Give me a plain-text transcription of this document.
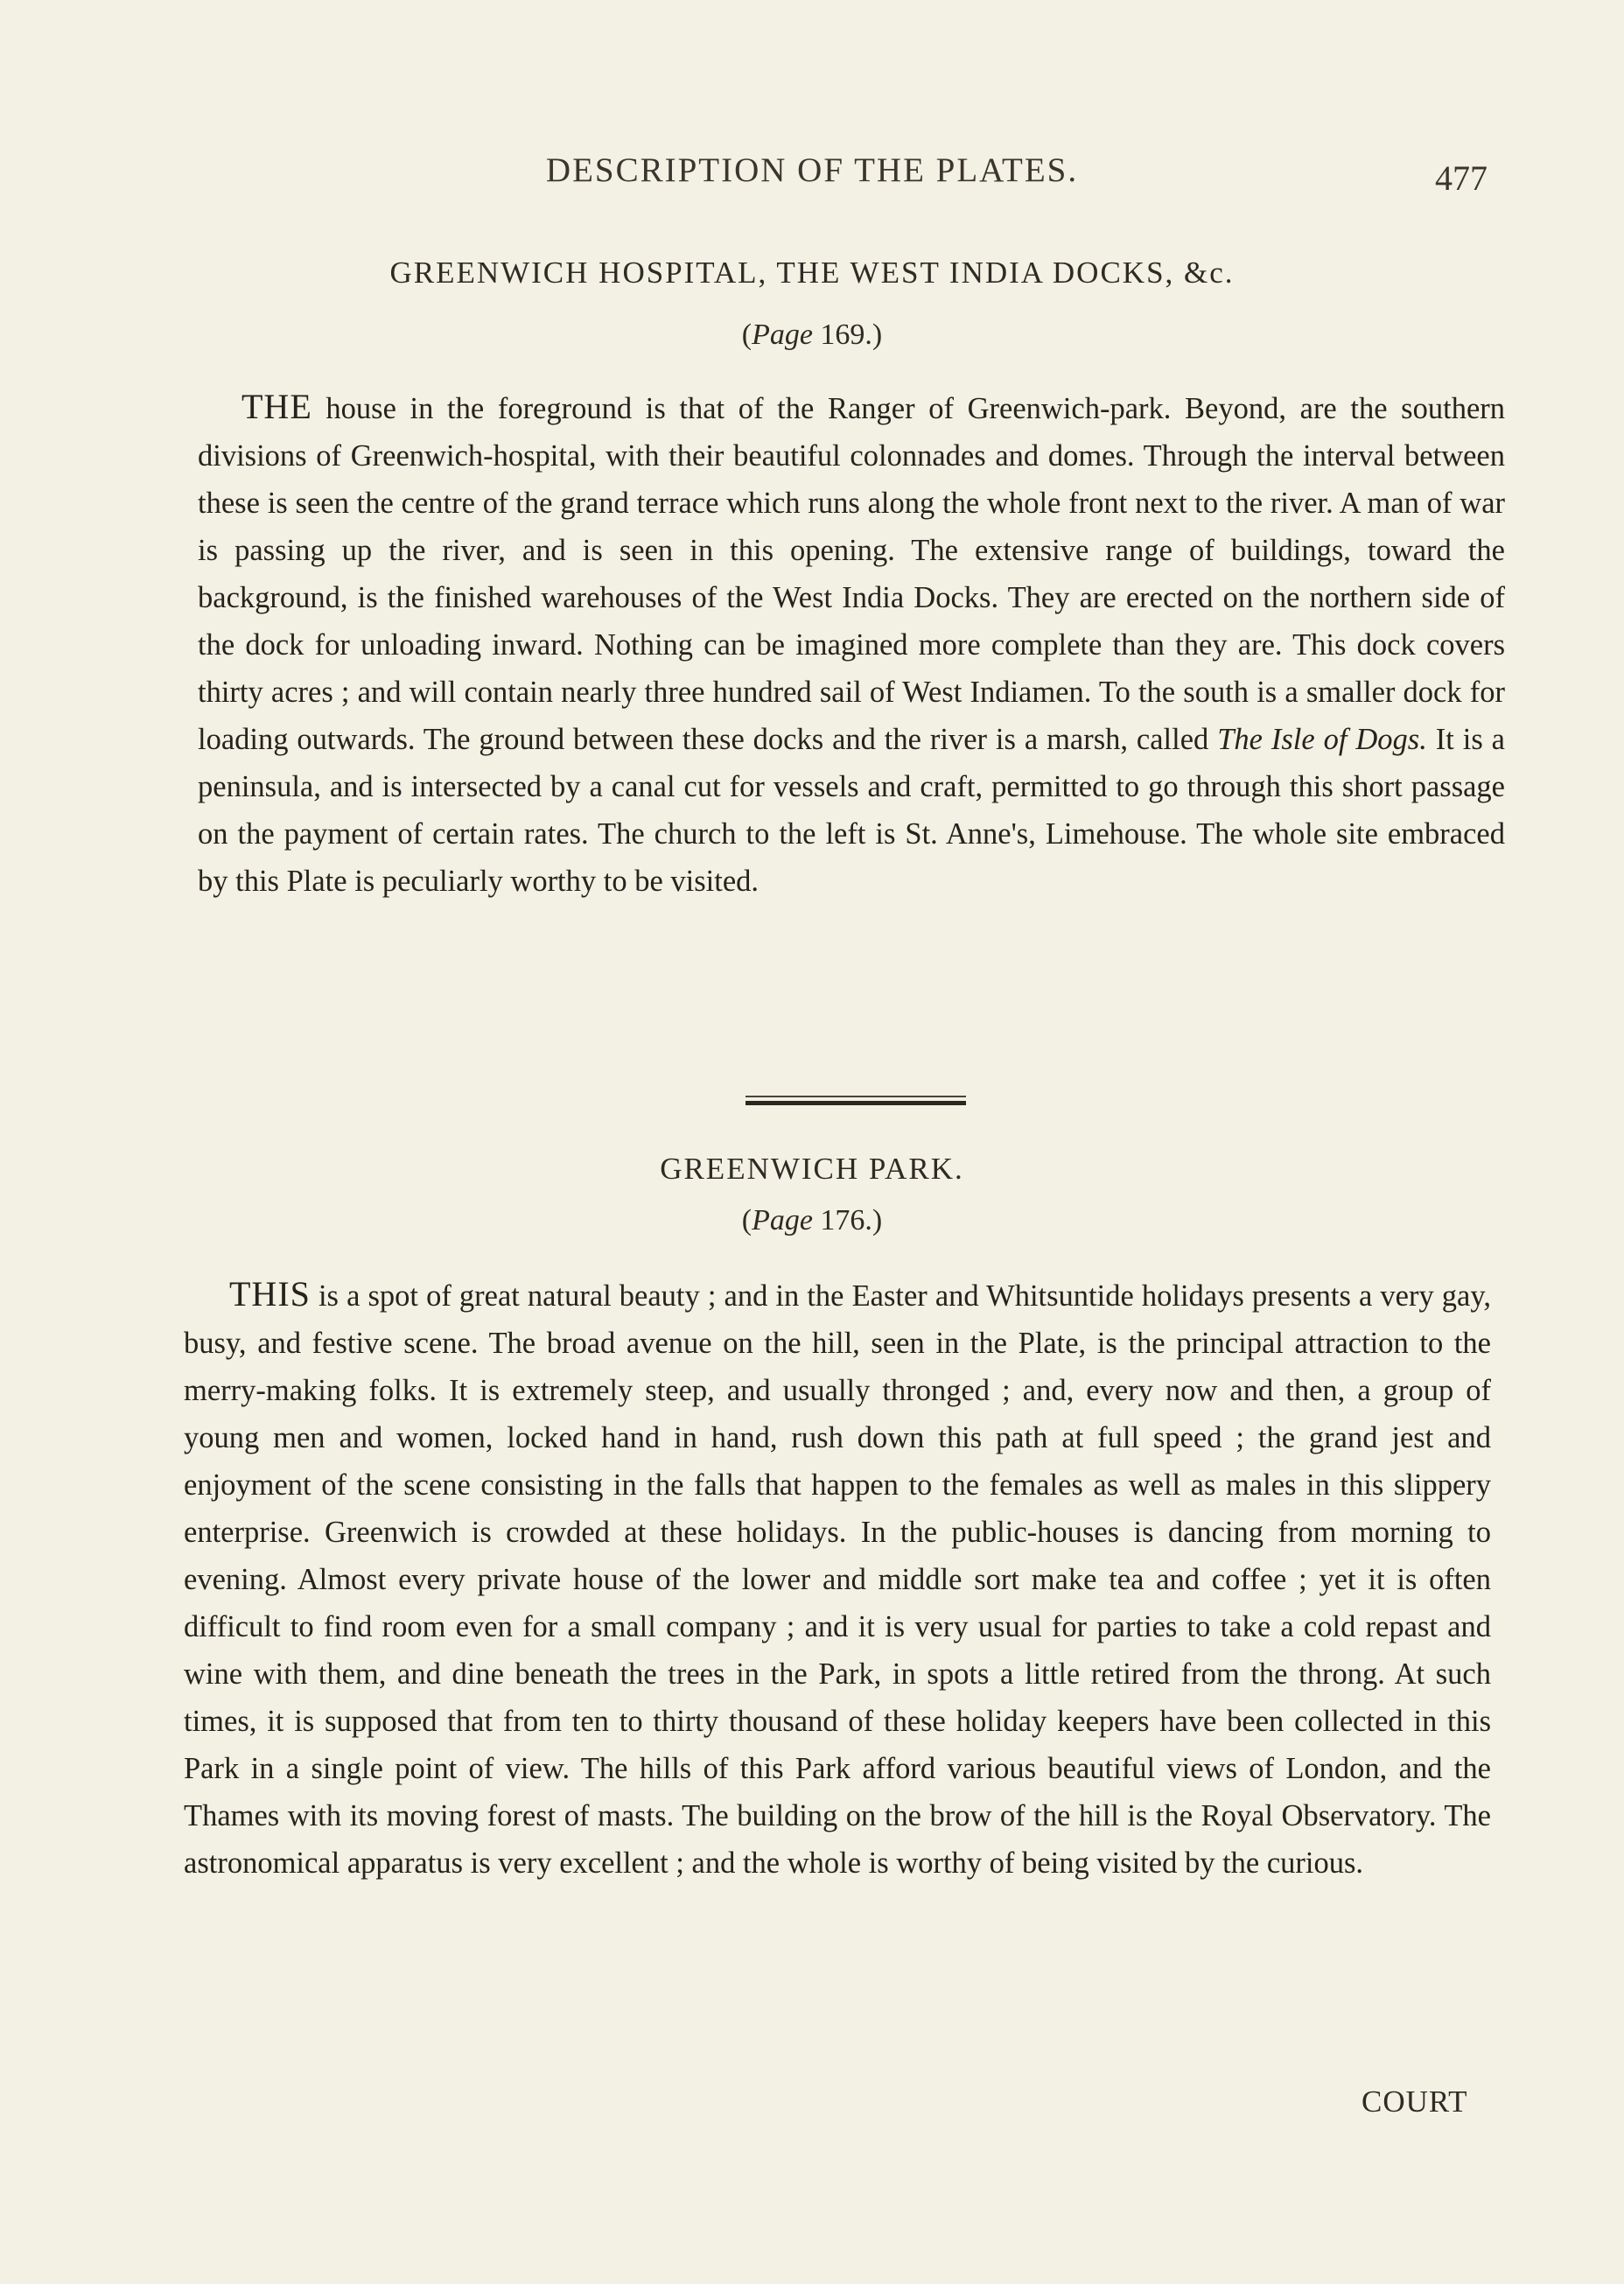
DESCRIPTION OF THE PLATES.	477
GREENWICH HOSPITAL, THE WEST INDIA DOCKS, &c.
(Page 169.)

THE house in the foreground is that of the Ranger of Greenwich-park. Beyond, are the southern divisions of Greenwich-hospital, with their beautiful colonnades and domes. Through the interval between these is seen the centre of the grand terrace which runs along the whole front next to the river. A man of war is passing up the river, and is seen in this opening. The extensive range of buildings, toward the background, is the finished warehouses of the West India Docks. They are erected on the northern side of the dock for unloading inward. Nothing can be imagined more complete than they are. This dock covers thirty acres ; and will contain nearly three hundred sail of West Indiamen. To the south is a smaller dock for loading outwards. The ground between these docks and the river is a marsh, called The Isle of Dogs. It is a peninsula, and is intersected by a canal cut for vessels and craft, permitted to go through this short passage on the payment of certain rates. The church to the left is St. Anne's, Limehouse. The whole site embraced by this Plate is peculiarly worthy to be visited.

GREENWICH PARK.
(Page 176.)

THIS is a spot of great natural beauty ; and in the Easter and Whitsuntide holidays presents a very gay, busy, and festive scene. The broad avenue on the hill, seen in the Plate, is the principal attraction to the merry-making folks. It is extremely steep, and usually thronged ; and, every now and then, a group of young men and women, locked hand in hand, rush down this path at full speed ; the grand jest and enjoyment of the scene consisting in the falls that happen to the females as well as males in this slippery enterprise. Greenwich is crowded at these holidays. In the public-houses is dancing from morning to evening. Almost every private house of the lower and middle sort make tea and coffee ; yet it is often difficult to find room even for a small company ; and it is very usual for parties to take a cold repast and wine with them, and dine beneath the trees in the Park, in spots a little retired from the throng. At such times, it is supposed that from ten to thirty thousand of these holiday keepers have been collected in this Park in a single point of view. The hills of this Park afford various beautiful views of London, and the Thames with its moving forest of masts. The building on the brow of the hill is the Royal Observatory. The astronomical apparatus is very excellent ; and the whole is worthy of being visited by the curious.

COURT
